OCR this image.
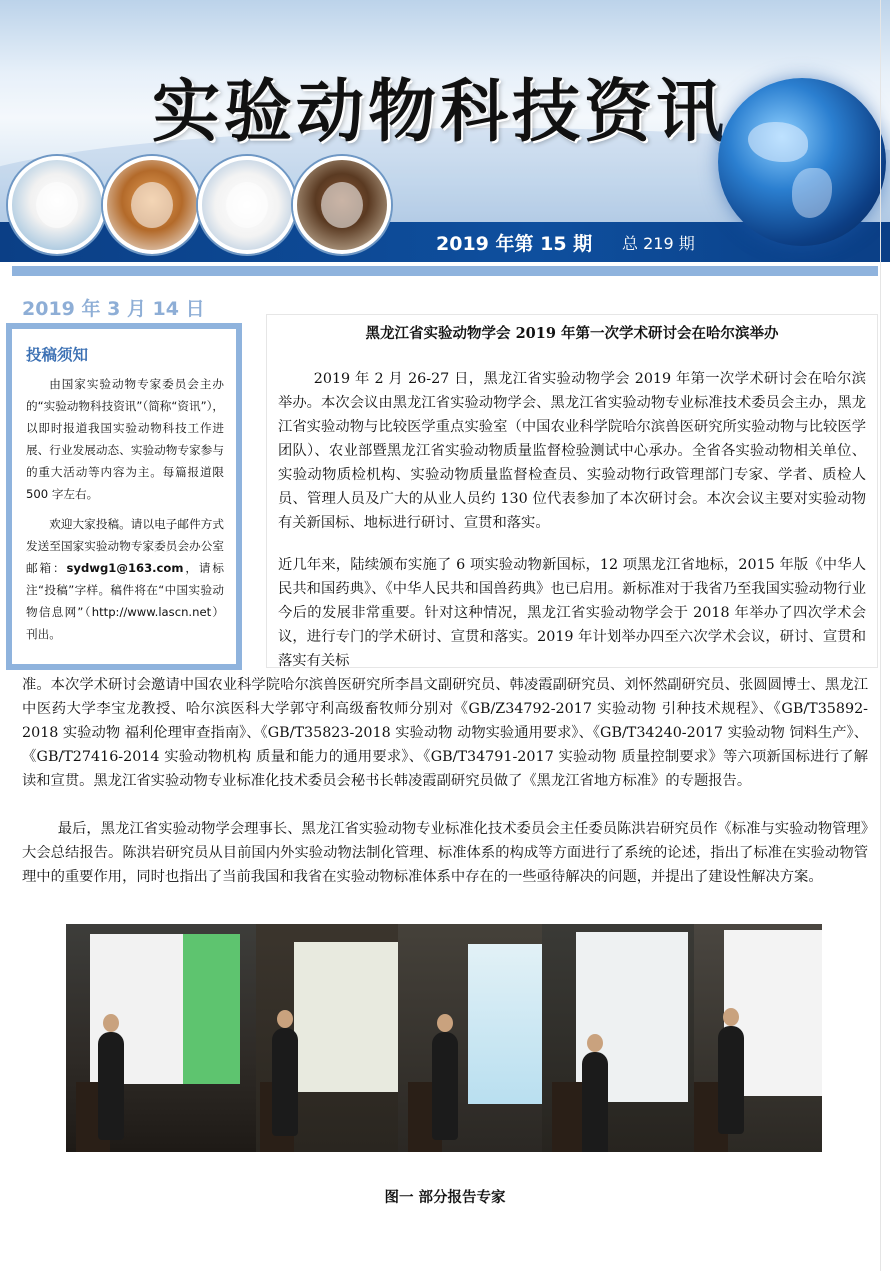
实验动物科技资讯
2019 年第 15 期 总 219 期
2019 年 3 月 14 日
投稿须知

由国家实验动物专家委员会主办的“实验动物科技资讯”（简称“资讯”），以即时报道我国实验动物科技工作进展、行业发展动态、实验动物专家参与的重大活动等内容为主。每篇报道限 500 字左右。

欢迎大家投稿。请以电子邮件方式发送至国家实验动物专家委员会办公室邮箱：sydwg1@163.com，请标注“投稿”字样。稿件将在“中国实验动物信息网”（http://www.lascn.net）刊出。

黑龙江省实验动物学会 2019 年第一次学术研讨会在哈尔滨举办

2019 年 2 月 26-27 日，黑龙江省实验动物学会 2019 年第一次学术研讨会在哈尔滨举办。本次会议由黑龙江省实验动物学会、黑龙江省实验动物专业标准技术委员会主办，黑龙江省实验动物与比较医学重点实验室（中国农业科学院哈尔滨兽医研究所实验动物与比较医学团队）、农业部暨黑龙江省实验动物质量监督检验测试中心承办。全省各实验动物相关单位、实验动物质检机构、实验动物质量监督检查员、实验动物行政管理部门专家、学者、质检人员、管理人员及广大的从业人员约 130 位代表参加了本次研讨会。本次会议主要对实验动物有关新国标、地标进行研讨、宣贯和落实。

近几年来，陆续颁布实施了 6 项实验动物新国标，12 项黑龙江省地标，2015 年版《中华人民共和国药典》、《中华人民共和国兽药典》也已启用。新标准对于我省乃至我国实验动物行业今后的发展非常重要。针对这种情况，黑龙江省实验动物学会于 2018 年举办了四次学术会议，进行专门的学术研讨、宣贯和落实。2019 年计划举办四至六次学术会议，研讨、宣贯和落实有关标

准。本次学术研讨会邀请中国农业科学院哈尔滨兽医研究所李昌文副研究员、韩凌霞副研究员、刘怀然副研究员、张圆圆博士、黑龙江中医药大学李宝龙教授、哈尔滨医科大学郭守利高级畜牧师分别对《GB/Z34792-2017 实验动物 引种技术规程》、《GB/T35892-2018 实验动物 福利伦理审查指南》、《GB/T35823-2018 实验动物 动物实验通用要求》、《GB/T34240-2017 实验动物 饲料生产》、《GB/T27416-2014 实验动物机构 质量和能力的通用要求》、《GB/T34791-2017 实验动物 质量控制要求》等六项新国标进行了解读和宣贯。黑龙江省实验动物专业标准化技术委员会秘书长韩凌霞副研究员做了《黑龙江省地方标准》的专题报告。

最后，黑龙江省实验动物学会理事长、黑龙江省实验动物专业标准化技术委员会主任委员陈洪岩研究员作《标准与实验动物管理》大会总结报告。陈洪岩研究员从目前国内外实验动物法制化管理、标准体系的构成等方面进行了系统的论述，指出了标准在实验动物管理中的重要作用，同时也指出了当前我国和我省在实验动物标准体系中存在的一些亟待解决的问题，并提出了建设性解决方案。

图一 部分报告专家
